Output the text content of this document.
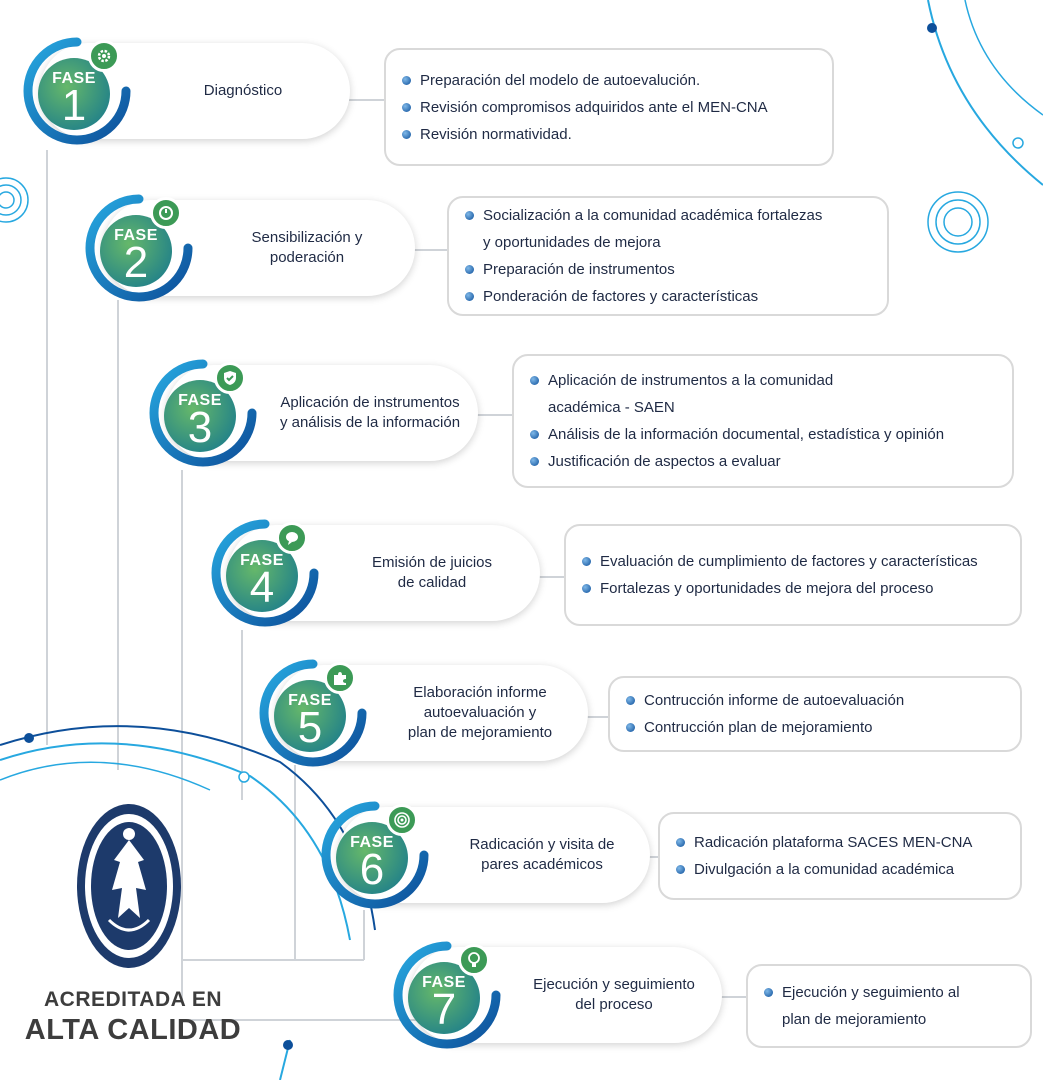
Diagnóstico
FASE
1
Preparación del modelo de autoevalución.
Revisión compromisos adquiridos ante el MEN-CNA
Revisión normatividad.
Sensibilización y
poderación
FASE
2
Socialización a la comunidad académica fortalezas
y oportunidades de mejora
Preparación de instrumentos
Ponderación de factores y características
Aplicación de instrumentos
y análisis de la información
FASE
3
Aplicación de instrumentos a la comunidad
académica - SAEN
Análisis de la información documental, estadística y opinión
Justificación de aspectos a evaluar
Emisión de juicios
de calidad
FASE
4
Evaluación de cumplimiento de factores y características
Fortalezas y oportunidades de mejora del proceso
Elaboración informe
autoevaluación y
plan de mejoramiento
FASE
5
Contrucción informe de autoevaluación
Contrucción plan de mejoramiento
Radicación y visita de
pares académicos
FASE
6
Radicación plataforma SACES MEN-CNA
Divulgación a la comunidad académica
Ejecución y seguimiento
del proceso
FASE
7	Ejecución y seguimiento al
plan de mejoramiento
ACREDITADA EN
ALTA CALIDAD
